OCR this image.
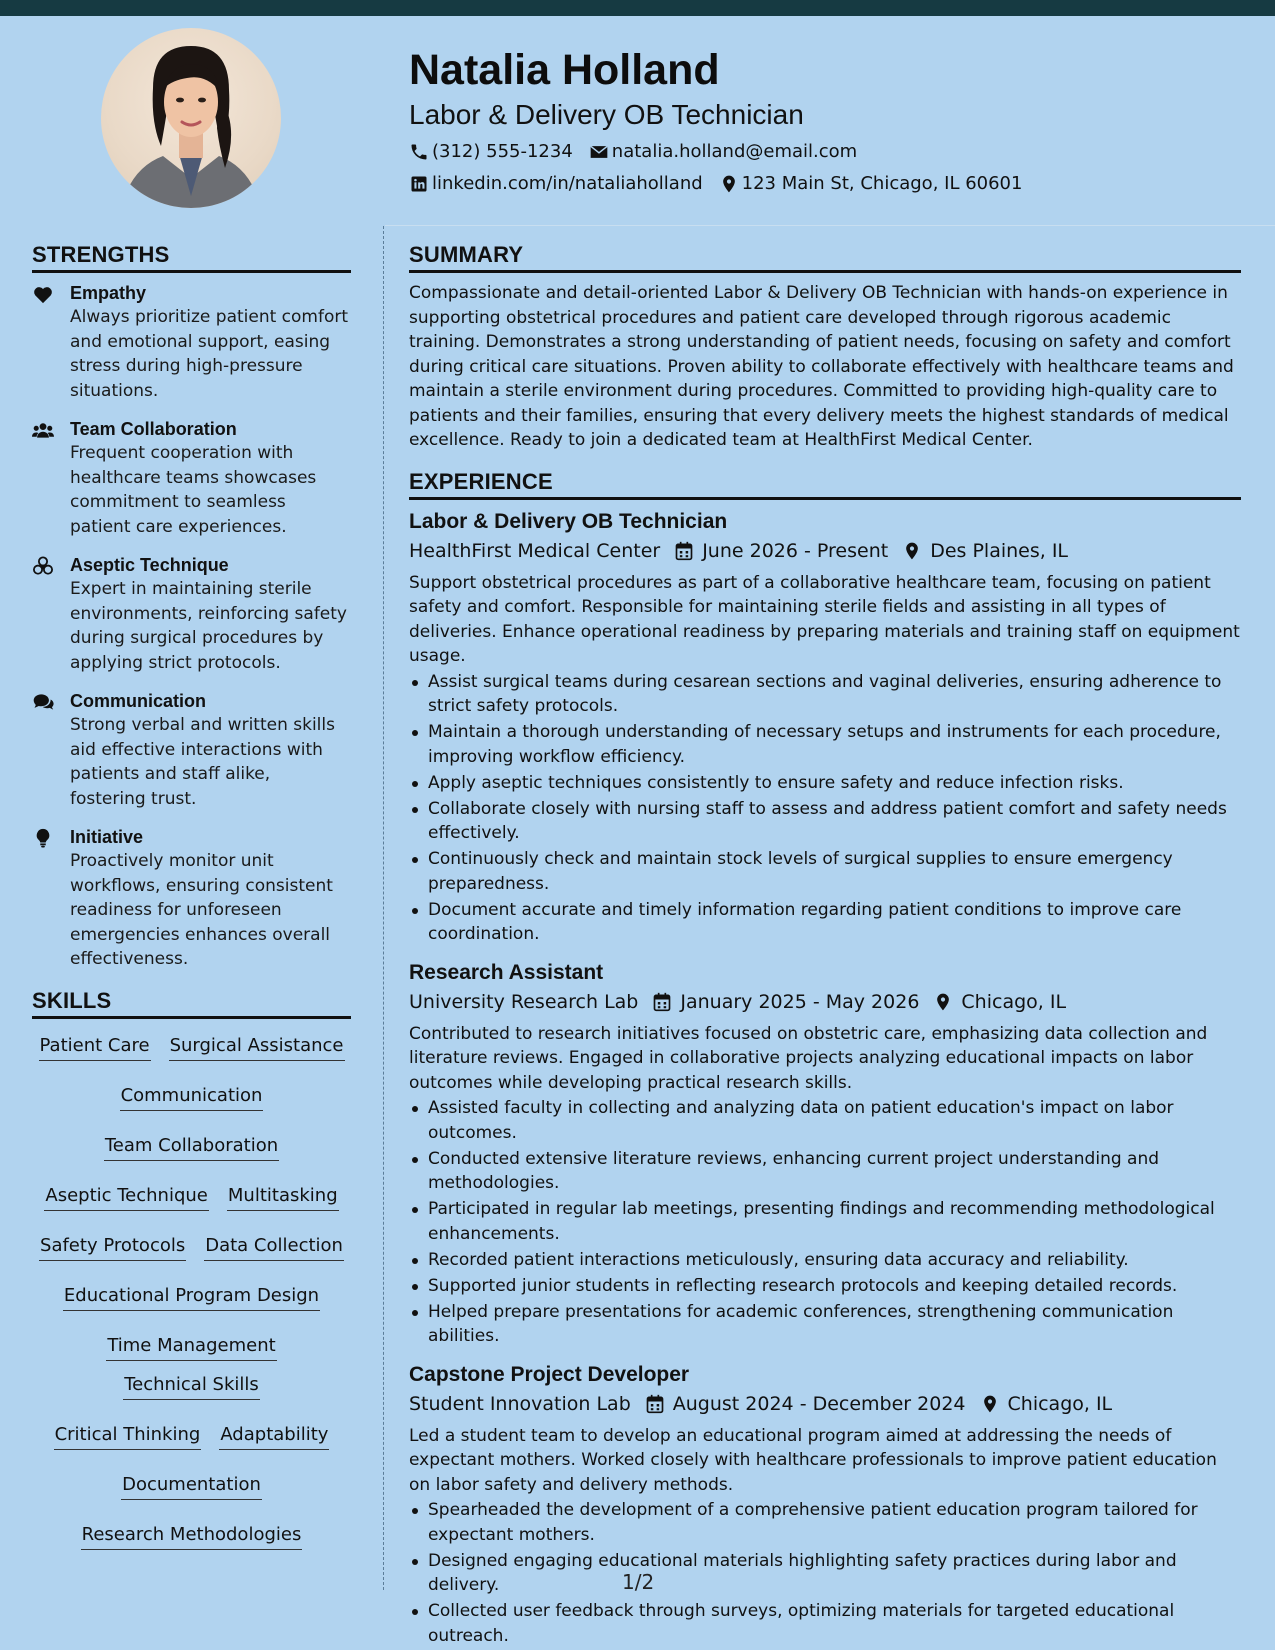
Natalia Holland
Labor & Delivery OB Technician
(312) 555-1234 natalia.holland@email.com
linkedin.com/in/nataliaholland 123 Main St, Chicago, IL 60601
STRENGTHS
Empathy
Always prioritize patient comfort and emotional support, easing stress during high-pressure situations.
Team Collaboration
Frequent cooperation with healthcare teams showcases commitment to seamless patient care experiences.
Aseptic Technique
Expert in maintaining sterile environments, reinforcing safety during surgical procedures by applying strict protocols.
Communication
Strong verbal and written skills aid effective interactions with patients and staff alike, fostering trust.
Initiative
Proactively monitor unit workflows, ensuring consistent readiness for unforeseen emergencies enhances overall effectiveness.
SKILLS
Patient Care Surgical Assistance
Communication
Team Collaboration
Aseptic Technique Multitasking
Safety Protocols Data Collection
Educational Program Design
Time Management
Technical Skills
Critical Thinking Adaptability
Documentation
Research Methodologies
SUMMARY
Compassionate and detail-oriented Labor & Delivery OB Technician with hands-on experience in supporting obstetrical procedures and patient care developed through rigorous academic training. Demonstrates a strong understanding of patient needs, focusing on safety and comfort during critical care situations. Proven ability to collaborate effectively with healthcare teams and maintain a sterile environment during procedures. Committed to providing high-quality care to patients and their families, ensuring that every delivery meets the highest standards of medical excellence. Ready to join a dedicated team at HealthFirst Medical Center.
EXPERIENCE
Labor & Delivery OB Technician
HealthFirst Medical Center June 2026 - Present Des Plaines, IL
Support obstetrical procedures as part of a collaborative healthcare team, focusing on patient safety and comfort. Responsible for maintaining sterile fields and assisting in all types of deliveries. Enhance operational readiness by preparing materials and training staff on equipment usage.
Assist surgical teams during cesarean sections and vaginal deliveries, ensuring adherence to strict safety protocols.
Maintain a thorough understanding of necessary setups and instruments for each procedure, improving workflow efficiency.
Apply aseptic techniques consistently to ensure safety and reduce infection risks.
Collaborate closely with nursing staff to assess and address patient comfort and safety needs effectively.
Continuously check and maintain stock levels of surgical supplies to ensure emergency preparedness.
Document accurate and timely information regarding patient conditions to improve care coordination.
Research Assistant
University Research Lab January 2025 - May 2026 Chicago, IL
Contributed to research initiatives focused on obstetric care, emphasizing data collection and literature reviews. Engaged in collaborative projects analyzing educational impacts on labor outcomes while developing practical research skills.
Assisted faculty in collecting and analyzing data on patient education's impact on labor outcomes.
Conducted extensive literature reviews, enhancing current project understanding and methodologies.
Participated in regular lab meetings, presenting findings and recommending methodological enhancements.
Recorded patient interactions meticulously, ensuring data accuracy and reliability.
Supported junior students in reflecting research protocols and keeping detailed records.
Helped prepare presentations for academic conferences, strengthening communication abilities.
Capstone Project Developer
Student Innovation Lab August 2024 - December 2024 Chicago, IL
Led a student team to develop an educational program aimed at addressing the needs of expectant mothers. Worked closely with healthcare professionals to improve patient education on labor safety and delivery methods.
Spearheaded the development of a comprehensive patient education program tailored for expectant mothers.
Designed engaging educational materials highlighting safety practices during labor and delivery.
Collected user feedback through surveys, optimizing materials for targeted educational outreach.
1/2
